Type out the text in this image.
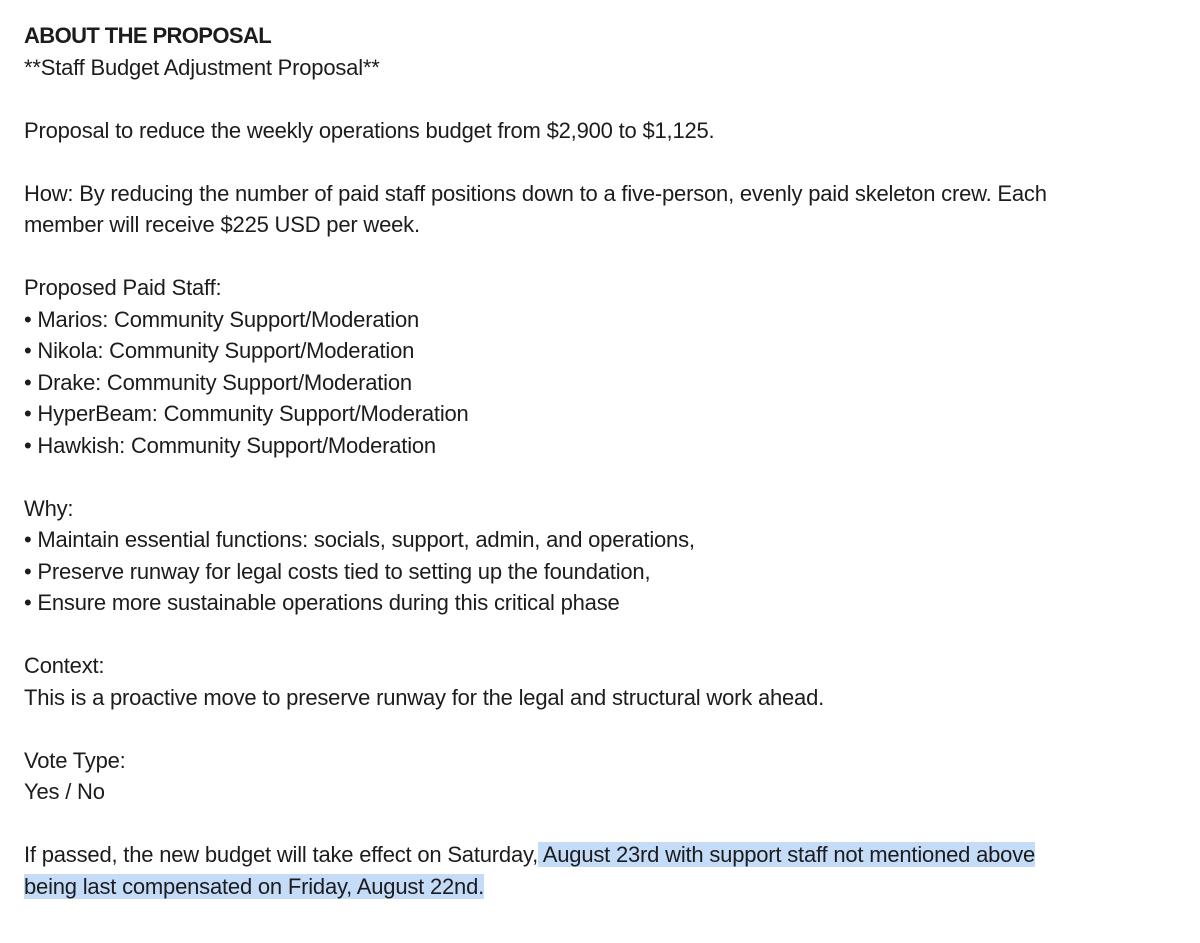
ABOUT THE PROPOSAL
**Staff Budget Adjustment Proposal**
Proposal to reduce the weekly operations budget from $2,900 to $1,125.
How: By reducing the number of paid staff positions down to a five-person, evenly paid skeleton crew. Each
member will receive $225 USD per week.
Proposed Paid Staff:
• Marios: Community Support/Moderation
• Nikola: Community Support/Moderation
• Drake: Community Support/Moderation
• HyperBeam: Community Support/Moderation
• Hawkish: Community Support/Moderation
Why:
• Maintain essential functions: socials, support, admin, and operations,
• Preserve runway for legal costs tied to setting up the foundation,
• Ensure more sustainable operations during this critical phase
Context:
This is a proactive move to preserve runway for the legal and structural work ahead.
Vote Type:
Yes / No
If passed, the new budget will take effect on Saturday, August 23rd with support staff not mentioned above
being last compensated on Friday, August 22nd.
